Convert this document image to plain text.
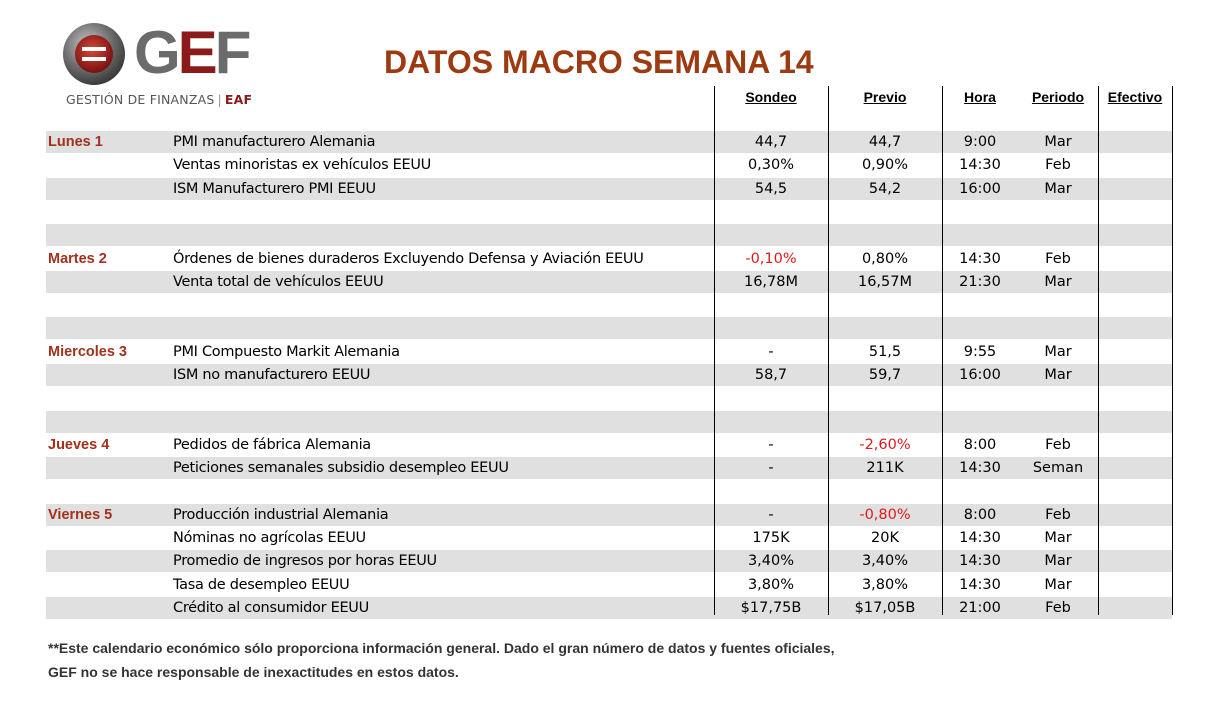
GEF
GESTIÓN DE FINANZAS | EAF
DATOS MACRO SEMANA 14
Sondeo	Previo	Hora	Periodo	Efectivo
Lunes 1	PMI manufacturero Alemania	44,7	44,7	9:00	Mar
Ventas minoristas ex vehículos EEUU	0,30%	0,90%	14:30	Feb
ISM Manufacturero PMI EEUU	54,5	54,2	16:00	Mar
Martes 2	Órdenes de bienes duraderos Excluyendo Defensa y Aviación EEUU	-0,10%	0,80%	14:30	Feb
Venta total de vehículos EEUU	16,78M	16,57M	21:30	Mar
Miercoles 3	PMI Compuesto Markit Alemania	-	51,5	9:55	Mar
ISM no manufacturero EEUU	58,7	59,7	16:00	Mar
Jueves 4	Pedidos de fábrica Alemania	-	-2,60%	8:00	Feb
Peticiones semanales subsidio desempleo EEUU	-	211K	14:30	Seman
Viernes 5	Producción industrial Alemania	-	-0,80%	8:00	Feb
Nóminas no agrícolas EEUU	175K	20K	14:30	Mar
Promedio de ingresos por horas EEUU	3,40%	3,40%	14:30	Mar
Tasa de desempleo EEUU	3,80%	3,80%	14:30	Mar
Crédito al consumidor EEUU	$17,75B	$17,05B	21:00	Feb
**Este calendario económico sólo proporciona información general. Dado el gran número de datos y fuentes oficiales,
GEF no se hace responsable de inexactitudes en estos datos.
